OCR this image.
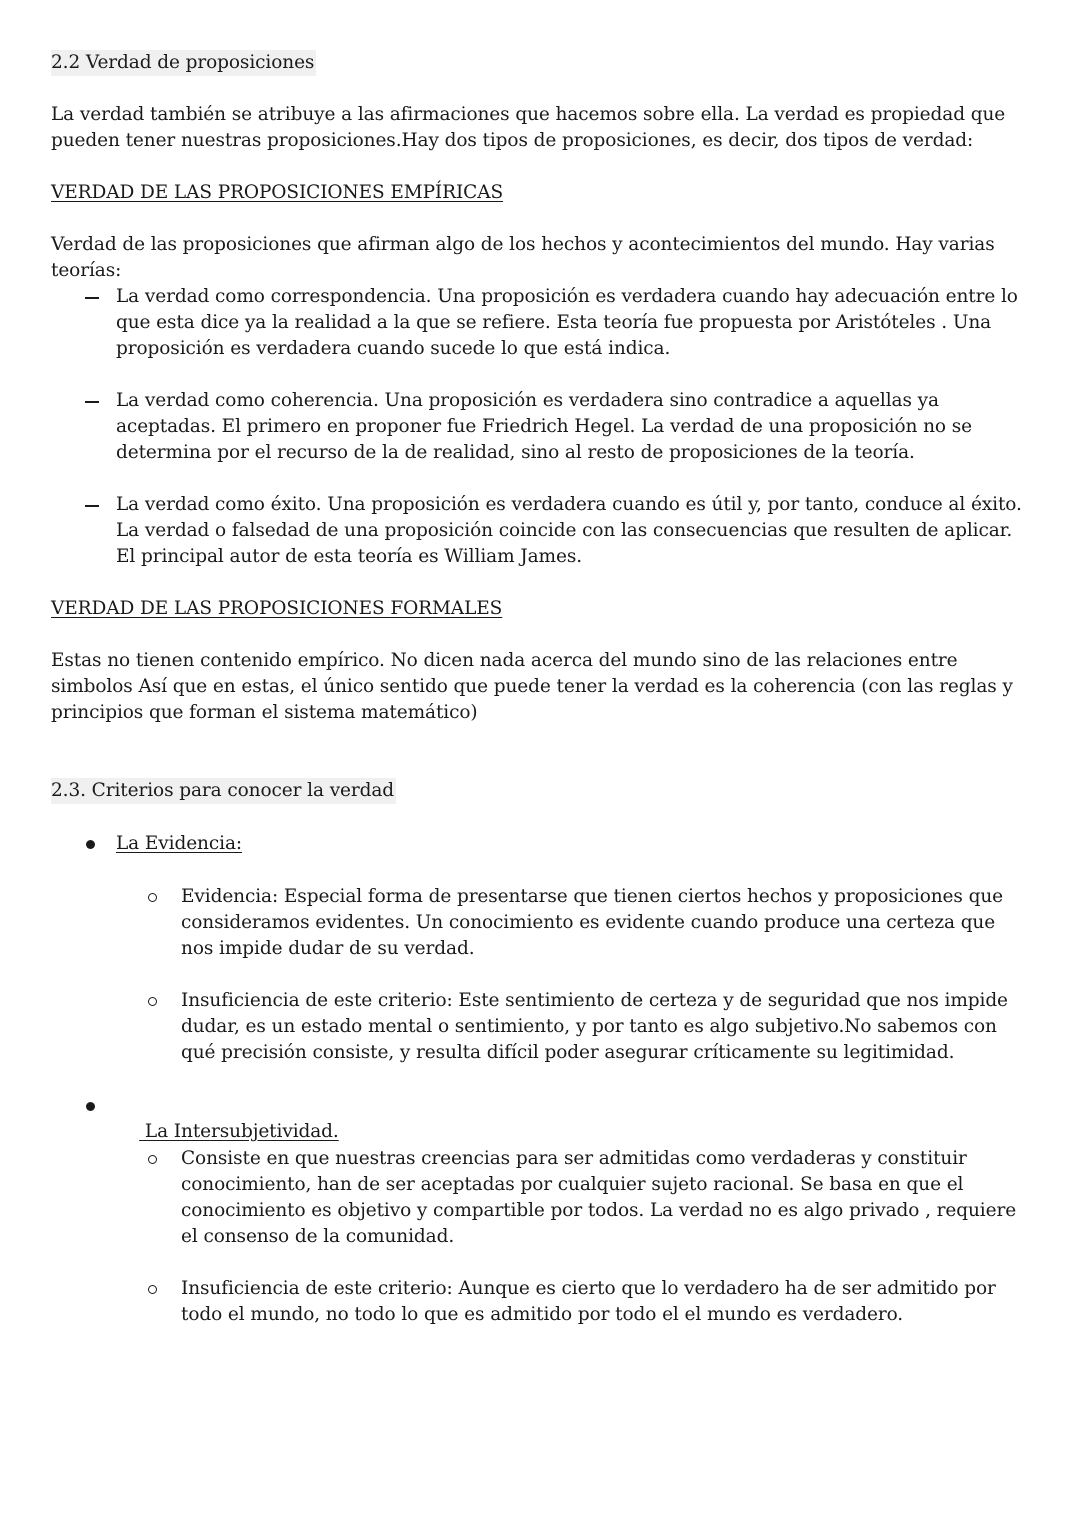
2.2 Verdad de proposiciones

La verdad también se atribuye a las afirmaciones que hacemos sobre ella. La verdad es propiedad que pueden tener nuestras proposiciones.Hay dos tipos de proposiciones, es decir, dos tipos de verdad:

VERDAD DE LAS PROPOSICIONES EMPÍRICAS

Verdad de las proposiciones que afirman algo de los hechos y acontecimientos del mundo. Hay varias teorías:

La verdad como correspondencia. Una proposición es verdadera cuando hay adecuación entre lo que esta dice ya la realidad a la que se refiere. Esta teoría fue propuesta por Aristóteles . Una proposición es verdadera cuando sucede lo que está indica.

La verdad como coherencia. Una proposición es verdadera sino contradice a aquellas ya aceptadas. El primero en proponer fue Friedrich Hegel. La verdad de una proposición no se determina por el recurso de la de realidad, sino al resto de proposiciones de la teoría.

La verdad como éxito. Una proposición es verdadera cuando es útil y, por tanto, conduce al éxito. La verdad o falsedad de una proposición coincide con las consecuencias que resulten de aplicar. El principal autor de esta teoría es William James.

VERDAD DE LAS PROPOSICIONES FORMALES

Estas no tienen contenido empírico. No dicen nada acerca del mundo sino de las relaciones entre simbolos Así que en estas, el único sentido que puede tener la verdad es la coherencia (con las reglas y principios que forman el sistema matemático)

2.3. Criterios para conocer la verdad

La Evidencia:

Evidencia: Especial forma de presentarse que tienen ciertos hechos y proposiciones que consideramos evidentes. Un conocimiento es evidente cuando produce una certeza que nos impide dudar de su verdad.

Insuficiencia de este criterio: Este sentimiento de certeza y de seguridad que nos impide dudar, es un estado mental o sentimiento, y por tanto es algo subjetivo.No sabemos con qué precisión consiste, y resulta difícil poder asegurar críticamente su legitimidad.

La Intersubjetividad.

Consiste en que nuestras creencias para ser admitidas como verdaderas y constituir conocimiento, han de ser aceptadas por cualquier sujeto racional. Se basa en que el conocimiento es objetivo y compartible por todos. La verdad no es algo privado , requiere el consenso de la comunidad.

Insuficiencia de este criterio: Aunque es cierto que lo verdadero ha de ser admitido por todo el mundo, no todo lo que es admitido por todo el el mundo es verdadero.
